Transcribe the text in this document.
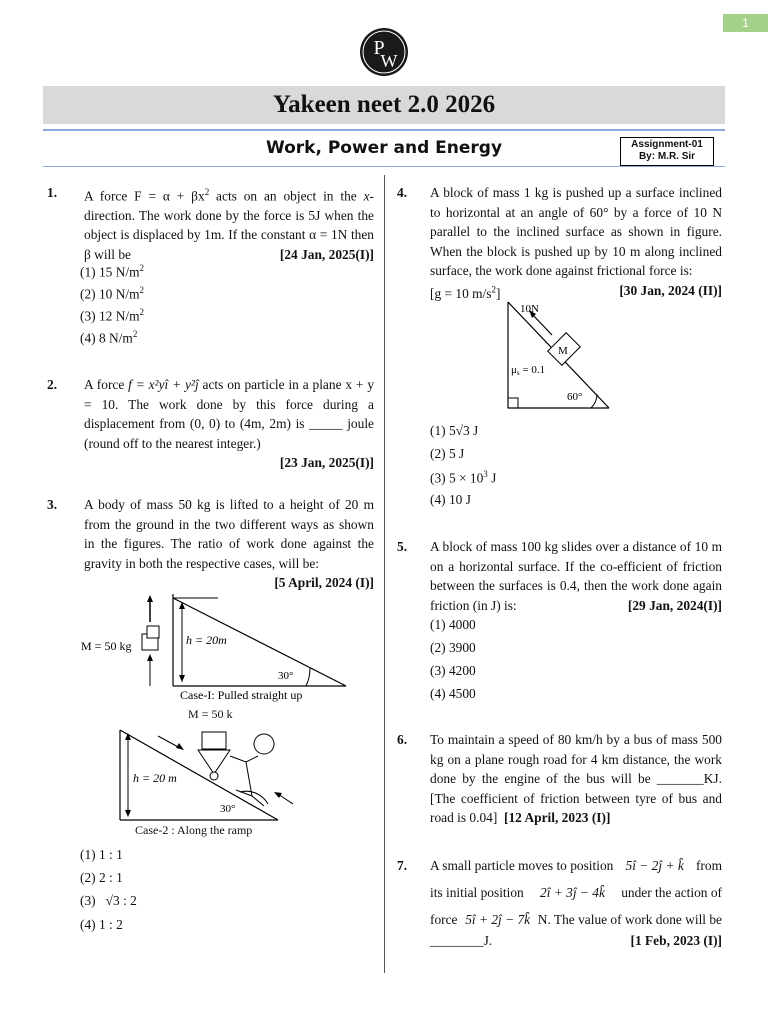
1
P
W
Yakeen neet 2.0 2026
Work, Power and Energy	Assignment-01
By: M.R. Sir
1. A force $F = \alpha + \beta x^2$ acts on an object in the x-direction. The work done by the force is 5J when the object is displaced by 1m. If the constant α = 1N then β will be	[24 Jan, 2025(I)]
(1) 15 $N/m^2$
(2) 10 $N/m^2$
(3) 12 $N/m^2$
(4) 8 $N/m^2$
2. A force f = x²yî + y²ĵ acts on particle in a plane x + y = 10. The work done by this force during a displacement from (0, 0) to (4m, 2m) is _____ joule (round off to the nearest integer.)

[23 Jan, 2025(I)]
3. A body of mass 50 kg is lifted to a height of 20 m from the ground in the two different ways as shown in the figures. The ratio of work done against the gravity in both the respective cases, will be:

[5 April, 2024 (I)]
M = 50 kg	h = 20m
30°
Case-I: Pulled straight up
M = 50 k
h = 20 m
30°
Case-2 : Along the ramp
(1) 1 : 1
(2) 2 : 1
(3) √3 : 2
(4) 1 : 2
4. A block of mass 1 kg is pushed up a surface inclined to horizontal at an angle of 60° by a force of 10 N parallel to the inclined surface as shown in figure. When the block is pushed up by 10 m along inclined surface, the work done against frictional force is:
[g = 10 $m/s^2$]	[30 Jan, 2024 (II)]
10N
M
μs = 0.1
60°
(1) 5√3 J
(2) 5 J
(3) $5 \times 10^3$ J
(4) 10 J
5. A block of mass 100 kg slides over a distance of 10 m on a horizontal surface. If the co-efficient of friction between the surfaces is 0.4, then the work done again friction (in J) is:	[29 Jan, 2024(I)]
(1) 4000
(2) 3900
(3) 4200
(4) 4500
6. To maintain a speed of 80 km/h by a bus of mass 500 kg on a plane rough road for 4 km distance, the work done by the engine of the bus will be _______KJ. [The coefficient of friction between tyre of bus and road is 0.04] [12 April, 2023 (I)]
7. A small particle moves to position 5î − 2ĵ + k̂ from
its initial position 2î + 3ĵ − 4k̂ under the action of
force 5î + 2ĵ − 7k̂ N. The value of work done will be
________J.	[1 Feb, 2023 (I)]
